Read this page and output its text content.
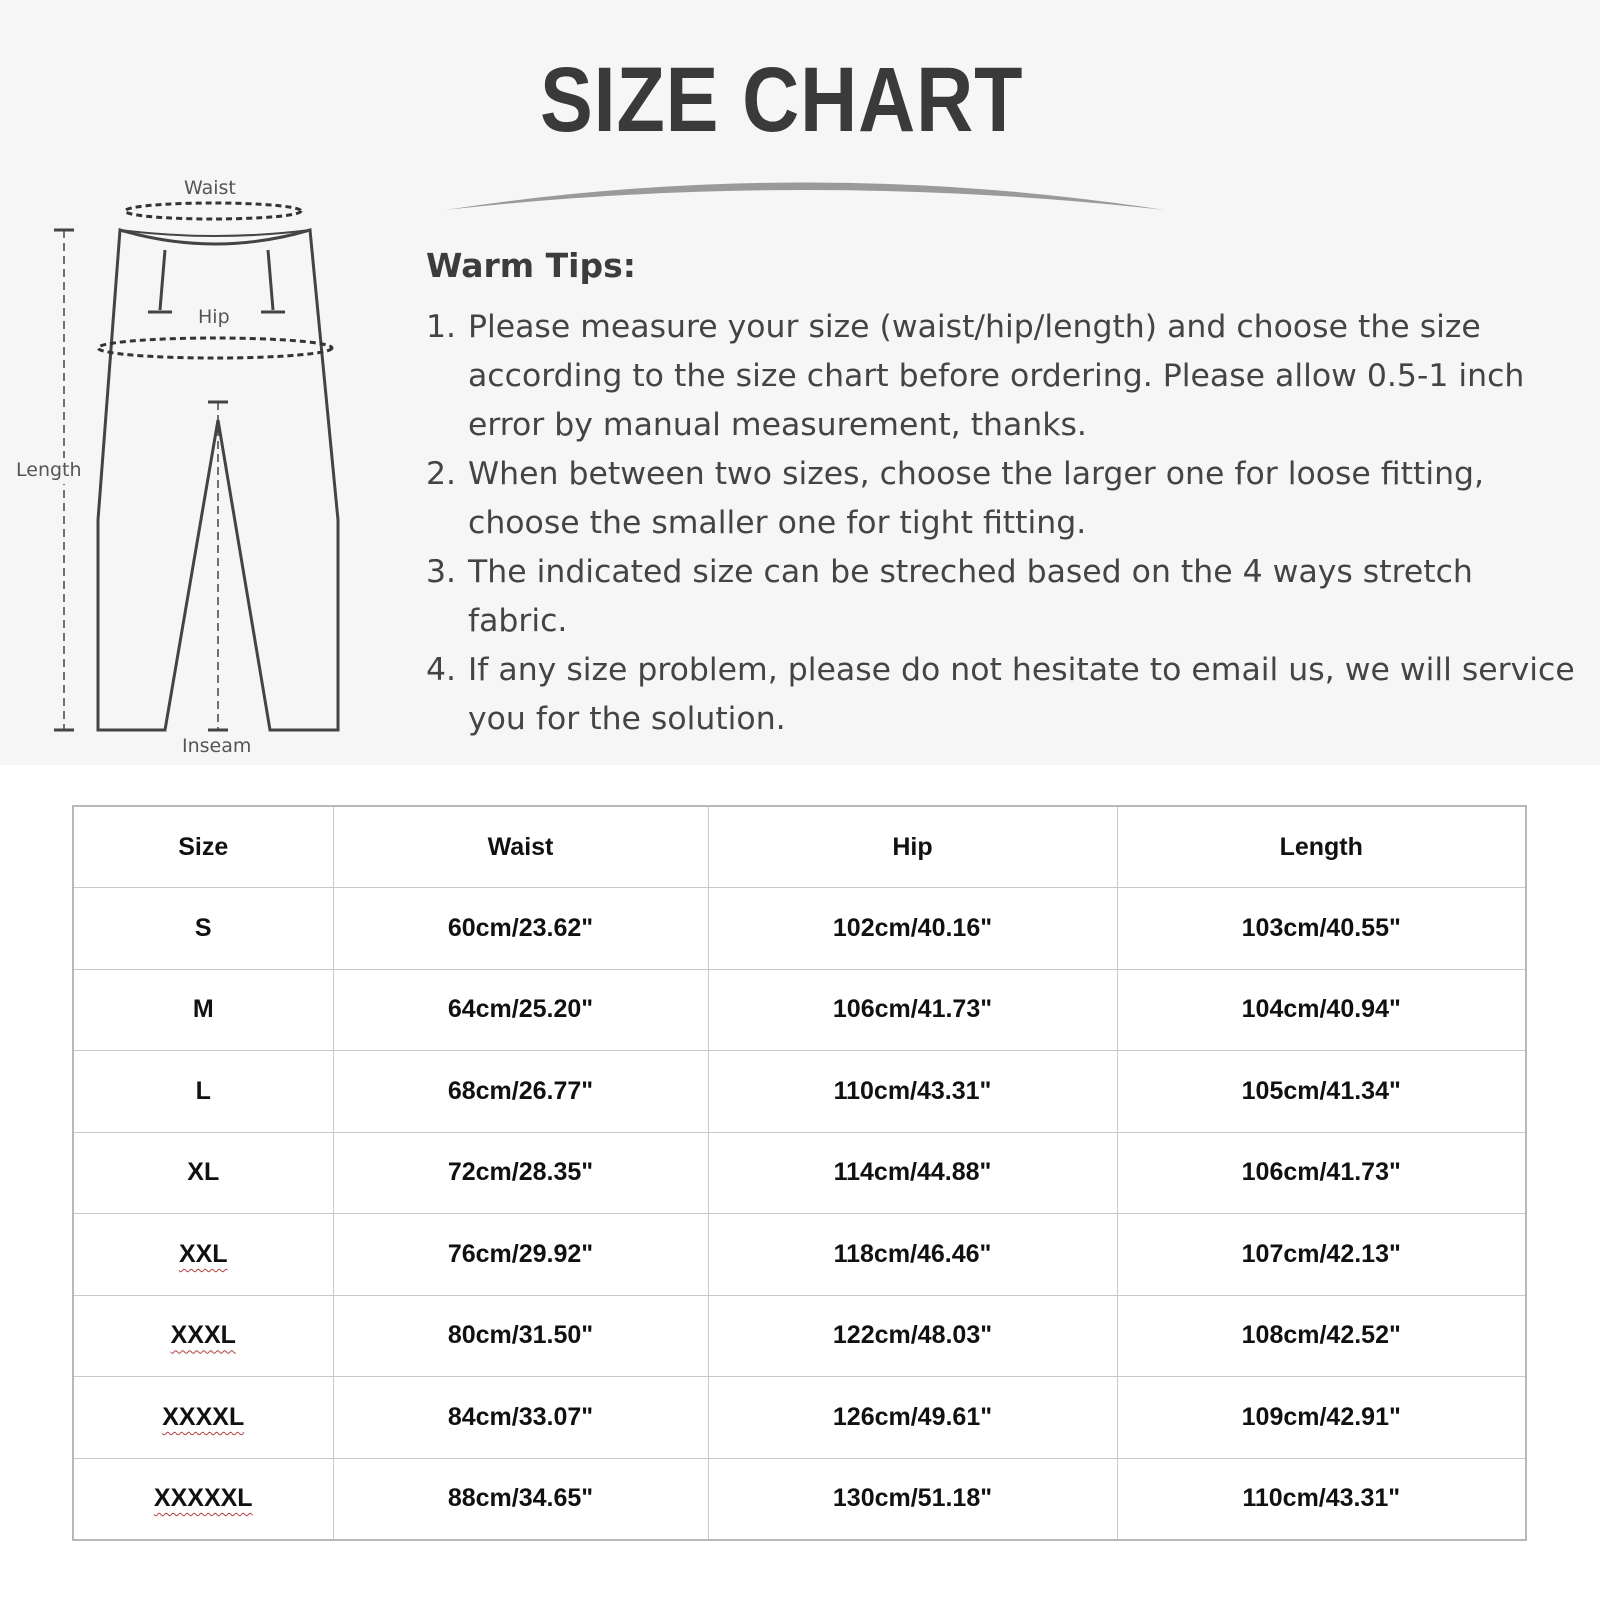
SIZE CHART
Waist
Hip
Length
Inseam
Warm Tips:
1. Please measure your size (waist/hip/length) and choose the size according to the size chart before ordering. Please allow 0.5-1 inch error by manual measurement, thanks.
2. When between two sizes, choose the larger one for loose fitting, choose the smaller one for tight fitting.
3. The indicated size can be streched based on the 4 ways stretch fabric.
4. If any size problem, please do not hesitate to email us, we will service you for the solution.
Size	Waist	Hip	Length
S	60cm/23.62"	102cm/40.16"	103cm/40.55"
M	64cm/25.20"	106cm/41.73"	104cm/40.94"
L	68cm/26.77"	110cm/43.31"	105cm/41.34"
XL	72cm/28.35"	114cm/44.88"	106cm/41.73"
XXL	76cm/29.92"	118cm/46.46"	107cm/42.13"
XXXL	80cm/31.50"	122cm/48.03"	108cm/42.52"
XXXXL	84cm/33.07"	126cm/49.61"	109cm/42.91"
XXXXXL	88cm/34.65"	130cm/51.18"	110cm/43.31"
